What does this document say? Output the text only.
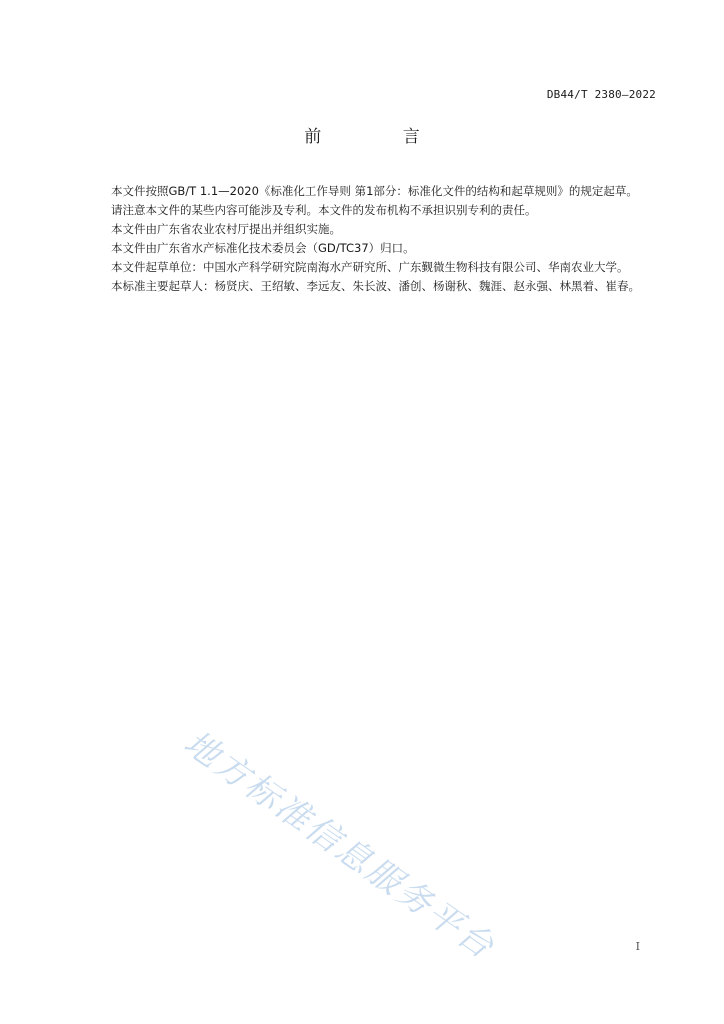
DB44/T 2380—2022
前 言

本文件按照GB/T 1.1—2020《标准化工作导则 第1部分：标准化文件的结构和起草规则》的规定起草。

请注意本文件的某些内容可能涉及专利。本文件的发布机构不承担识别专利的责任。

本文件由广东省农业农村厅提出并组织实施。

本文件由广东省水产标准化技术委员会（GD/TC37）归口。

本文件起草单位：中国水产科学研究院南海水产研究所、广东觐微生物科技有限公司、华南农业大学。

本标准主要起草人：杨贤庆、王绍敏、李远友、朱长波、潘创、杨谢秋、魏涯、赵永强、林黑着、崔春。

地方标准信息服务平台	I
